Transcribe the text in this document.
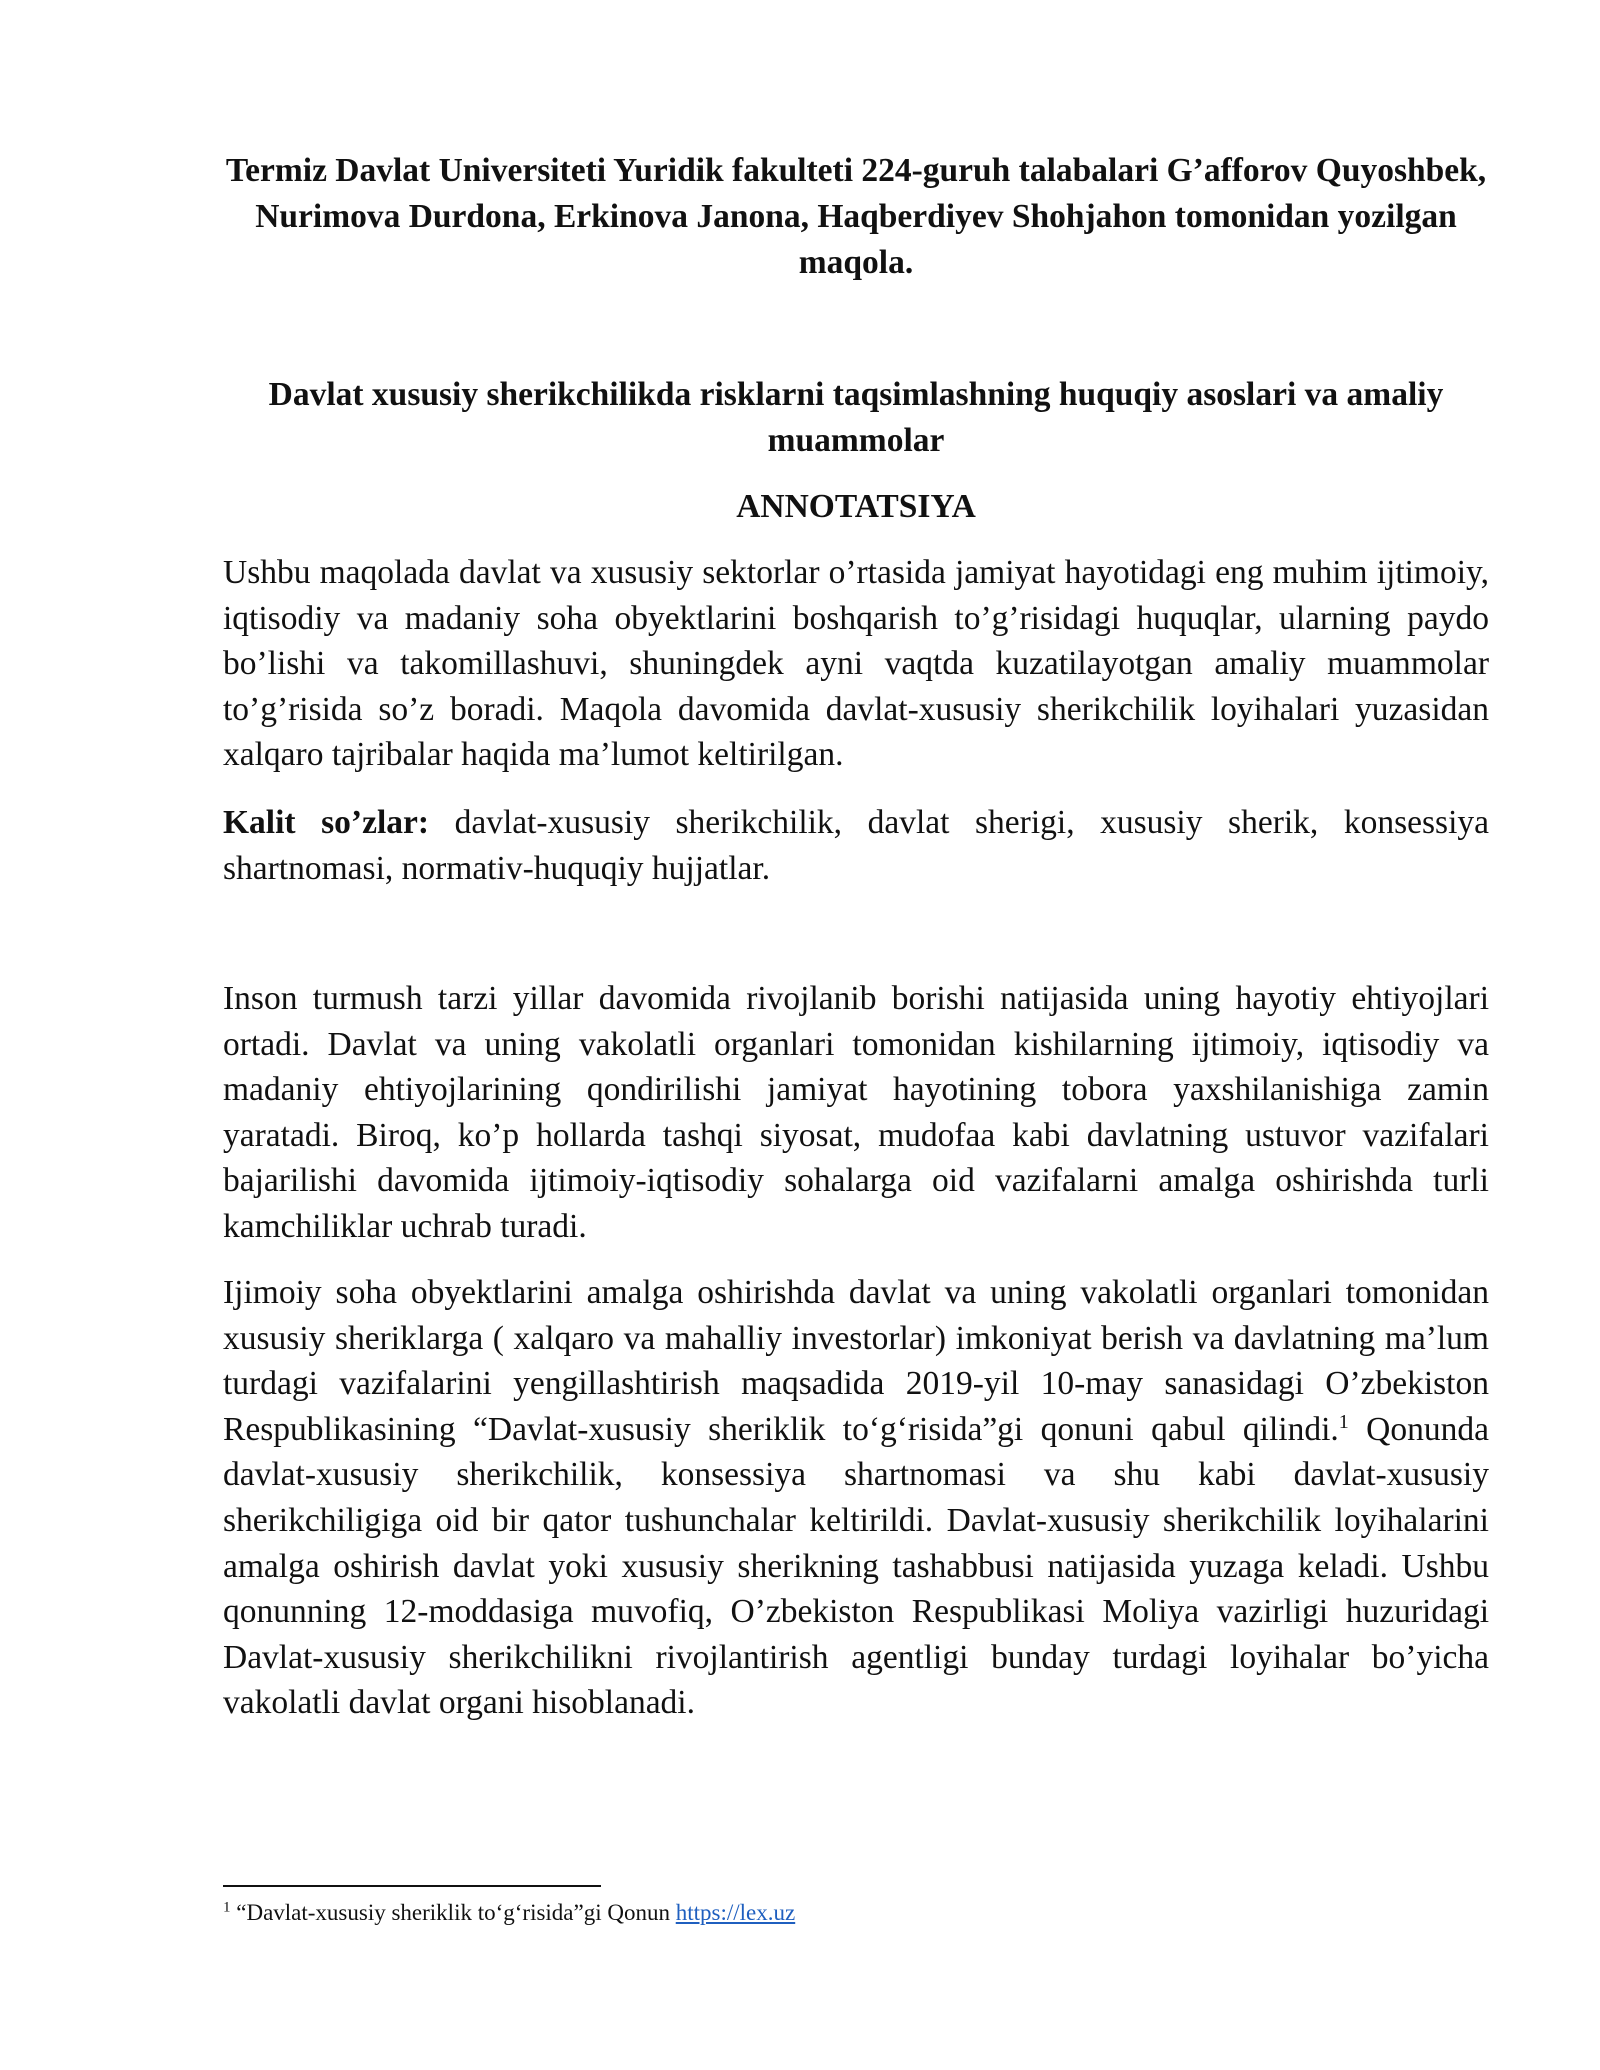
Termiz Davlat Universiteti Yuridik fakulteti 224-guruh talabalari G’afforov Quyoshbek, Nurimova Durdona, Erkinova Janona, Haqberdiyev Shohjahon tomonidan yozilgan maqola.
Davlat xususiy sherikchilikda risklarni taqsimlashning huquqiy asoslari va amaliy muammolar
ANNOTATSIYA
Ushbu maqolada davlat va xususiy sektorlar o’rtasida jamiyat hayotidagi eng muhim ijtimoiy, iqtisodiy va madaniy soha obyektlarini boshqarish to’g’risidagi huquqlar, ularning paydo bo’lishi va takomillashuvi, shuningdek ayni vaqtda kuzatilayotgan amaliy muammolar to’g’risida so’z boradi. Maqola davomida davlat-xususiy sherikchilik loyihalari yuzasidan xalqaro tajribalar haqida ma’lumot keltirilgan.
Kalit so’zlar: davlat-xususiy sherikchilik, davlat sherigi, xususiy sherik, konsessiya shartnomasi, normativ-huquqiy hujjatlar.
Inson turmush tarzi yillar davomida rivojlanib borishi natijasida uning hayotiy ehtiyojlari ortadi. Davlat va uning vakolatli organlari tomonidan kishilarning ijtimoiy, iqtisodiy va madaniy ehtiyojlarining qondirilishi jamiyat hayotining tobora yaxshilanishiga zamin yaratadi. Biroq, ko’p hollarda tashqi siyosat, mudofaa kabi davlatning ustuvor vazifalari bajarilishi davomida ijtimoiy-iqtisodiy sohalarga oid vazifalarni amalga oshirishda turli kamchiliklar uchrab turadi.
Ijimoiy soha obyektlarini amalga oshirishda davlat va uning vakolatli organlari tomonidan xususiy sheriklarga ( xalqaro va mahalliy investorlar) imkoniyat berish va davlatning ma’lum turdagi vazifalarini yengillashtirish maqsadida 2019-yil 10-may sanasidagi O’zbekiston Respublikasining “Davlat-xususiy sheriklik to‘g‘risida”gi qonuni qabul qilindi.$^1$ Qonunda davlat-xususiy sherikchilik, konsessiya shartnomasi va shu kabi davlat-xususiy sherikchiligiga oid bir qator tushunchalar keltirildi. Davlat-xususiy sherikchilik loyihalarini amalga oshirish davlat yoki xususiy sherikning tashabbusi natijasida yuzaga keladi. Ushbu qonunning 12-moddasiga muvofiq, O’zbekiston Respublikasi Moliya vazirligi huzuridagi Davlat-xususiy sherikchilikni rivojlantirish agentligi bunday turdagi loyihalar bo’yicha vakolatli davlat organi hisoblanadi.
$^1$ “Davlat-xususiy sheriklik to‘g‘risida”gi Qonun https://lex.uz
